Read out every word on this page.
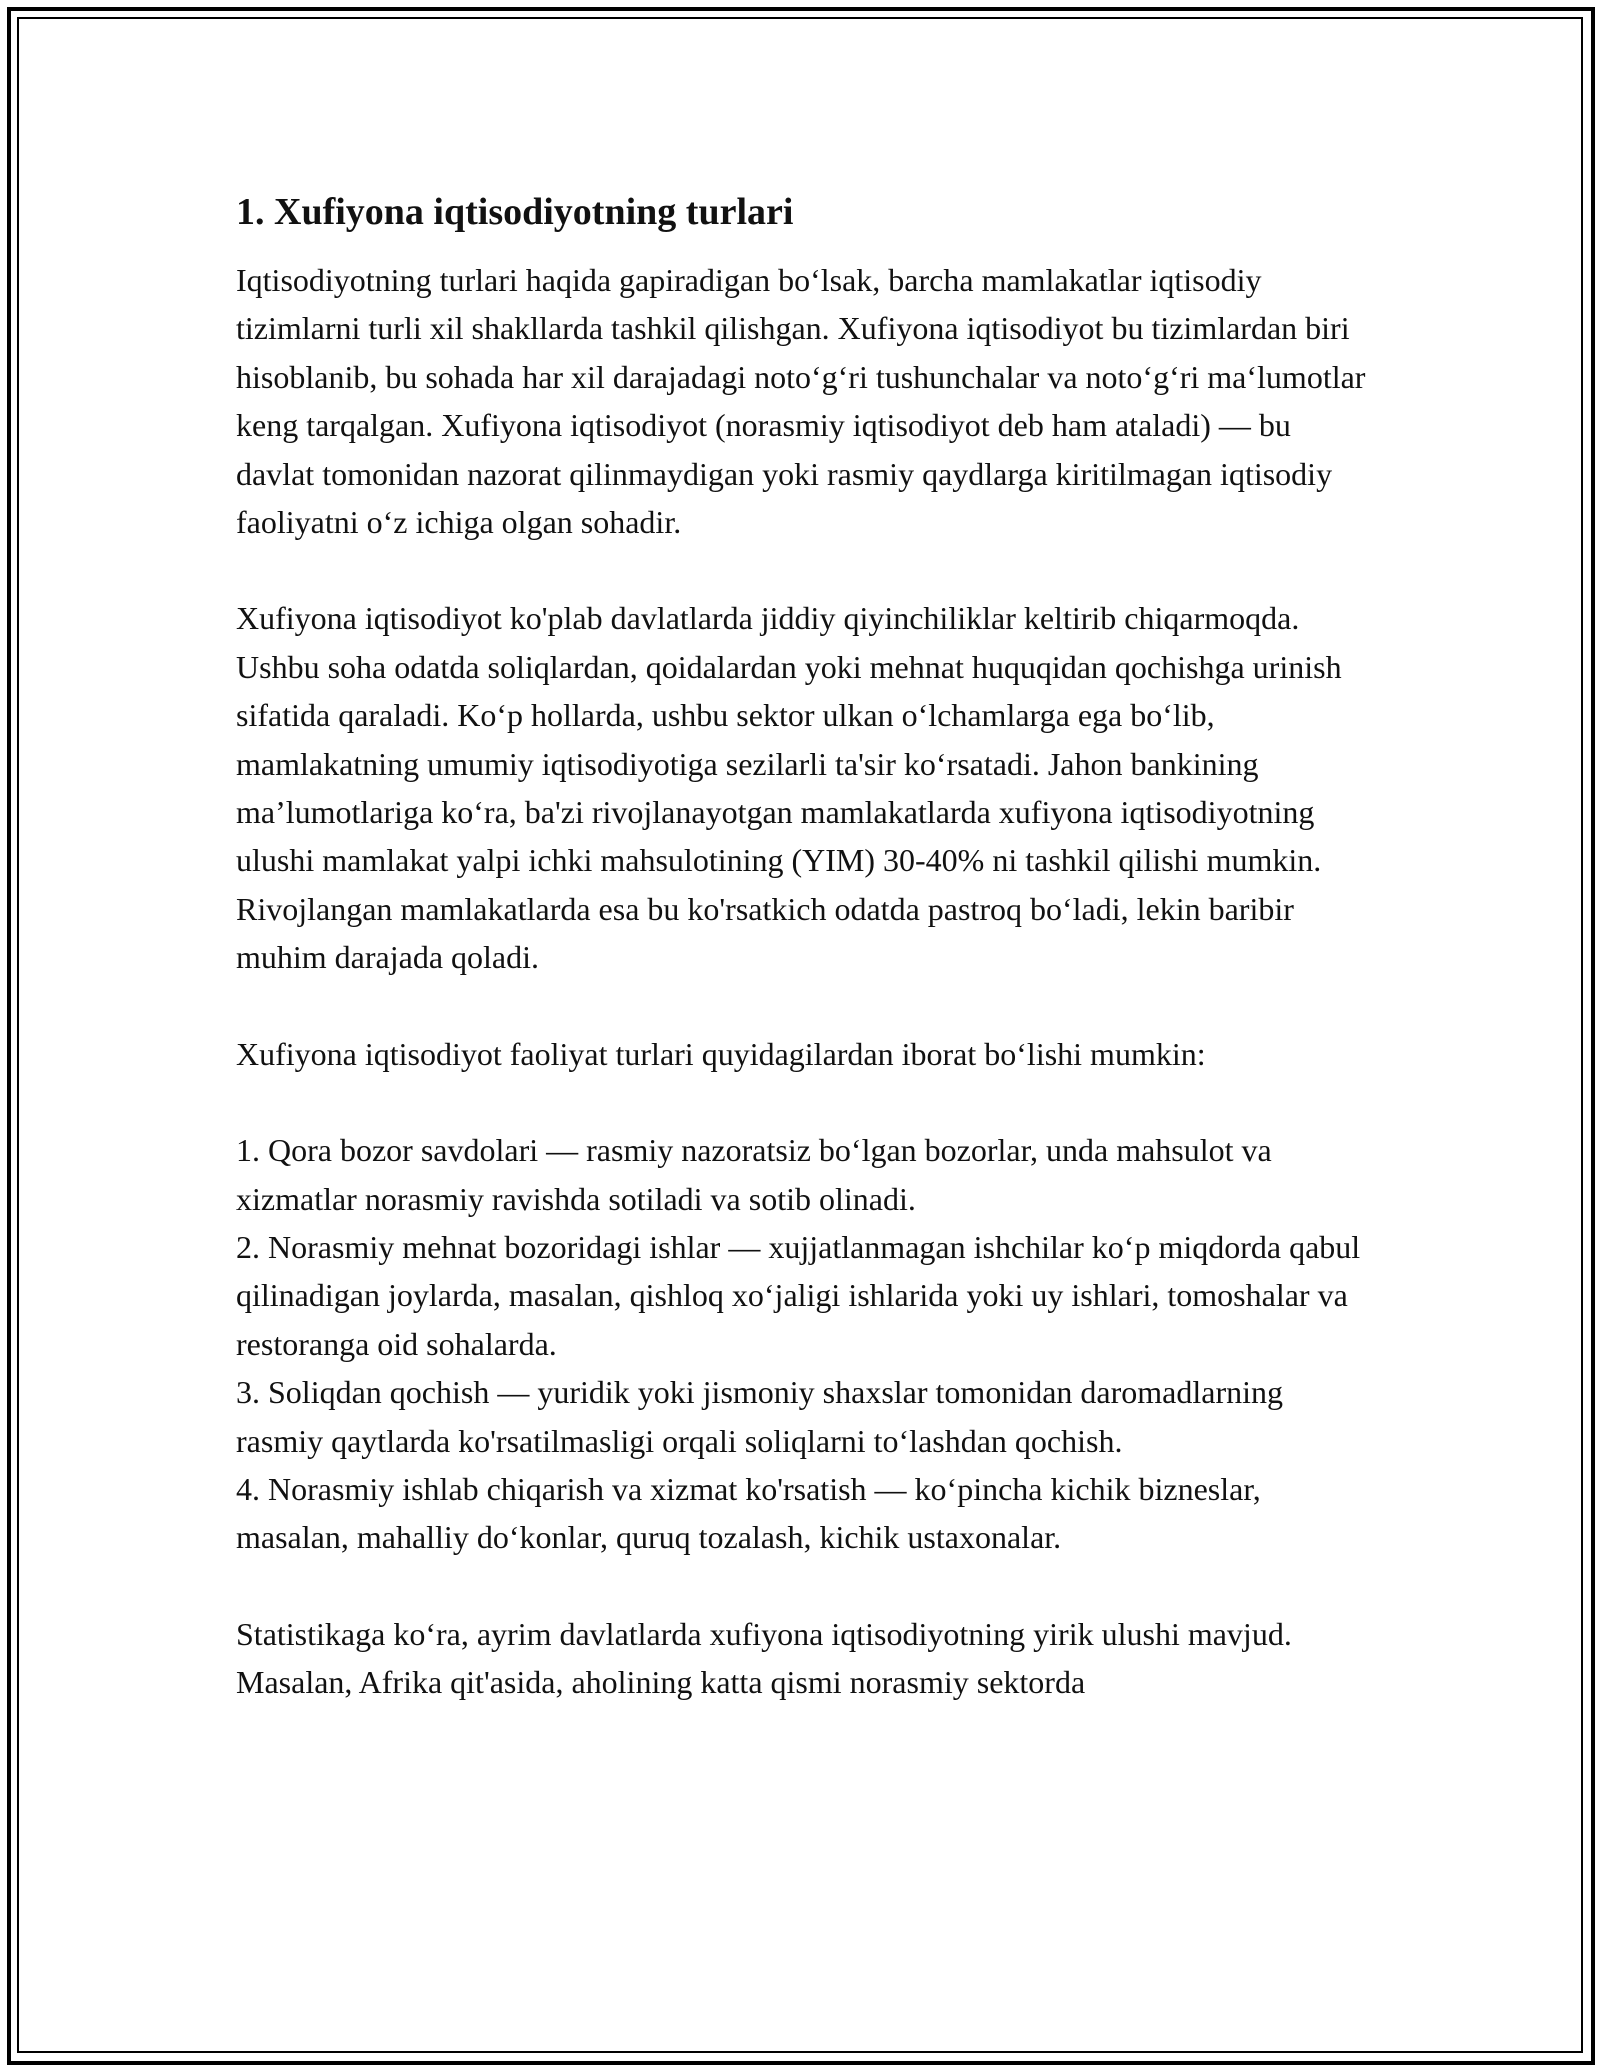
1. Xufiyona iqtisodiyotning turlari

Iqtisodiyotning turlari haqida gapiradigan bo‘lsak, barcha mamlakatlar iqtisodiy tizimlarni turli xil shakllarda tashkil qilishgan. Xufiyona iqtisodiyot bu tizimlardan biri hisoblanib, bu sohada har xil darajadagi noto‘g‘ri tushunchalar va noto‘g‘ri ma‘lumotlar keng tarqalgan. Xufiyona iqtisodiyot (norasmiy iqtisodiyot deb ham ataladi) — bu davlat tomonidan nazorat qilinmaydigan yoki rasmiy qaydlarga kiritilmagan iqtisodiy faoliyatni o‘z ichiga olgan sohadir.

Xufiyona iqtisodiyot ko'plab davlatlarda jiddiy qiyinchiliklar keltirib chiqarmoqda. Ushbu soha odatda soliqlardan, qoidalardan yoki mehnat huquqidan qochishga urinish sifatida qaraladi. Ko‘p hollarda, ushbu sektor ulkan o‘lchamlarga ega bo‘lib, mamlakatning umumiy iqtisodiyotiga sezilarli ta'sir ko‘rsatadi. Jahon bankining ma’lumotlariga ko‘ra, ba'zi rivojlanayotgan mamlakatlarda xufiyona iqtisodiyotning ulushi mamlakat yalpi ichki mahsulotining (YIM) 30-40% ni tashkil qilishi mumkin. Rivojlangan mamlakatlarda esa bu ko'rsatkich odatda pastroq bo‘ladi, lekin baribir muhim darajada qoladi.

Xufiyona iqtisodiyot faoliyat turlari quyidagilardan iborat bo‘lishi mumkin:

1. Qora bozor savdolari — rasmiy nazoratsiz bo‘lgan bozorlar, unda mahsulot va xizmatlar norasmiy ravishda sotiladi va sotib olinadi.
2. Norasmiy mehnat bozoridagi ishlar — xujjatlanmagan ishchilar ko‘p miqdorda qabul qilinadigan joylarda, masalan, qishloq xo‘jaligi ishlarida yoki uy ishlari, tomoshalar va restoranga oid sohalarda.
3. Soliqdan qochish — yuridik yoki jismoniy shaxslar tomonidan daromadlarning rasmiy qaytlarda ko'rsatilmasligi orqali soliqlarni to‘lashdan qochish.
4. Norasmiy ishlab chiqarish va xizmat ko'rsatish — ko‘pincha kichik bizneslar, masalan, mahalliy do‘konlar, quruq tozalash, kichik ustaxonalar.

Statistikaga ko‘ra, ayrim davlatlarda xufiyona iqtisodiyotning yirik ulushi mavjud. Masalan, Afrika qit'asida, aholining katta qismi norasmiy sektorda
